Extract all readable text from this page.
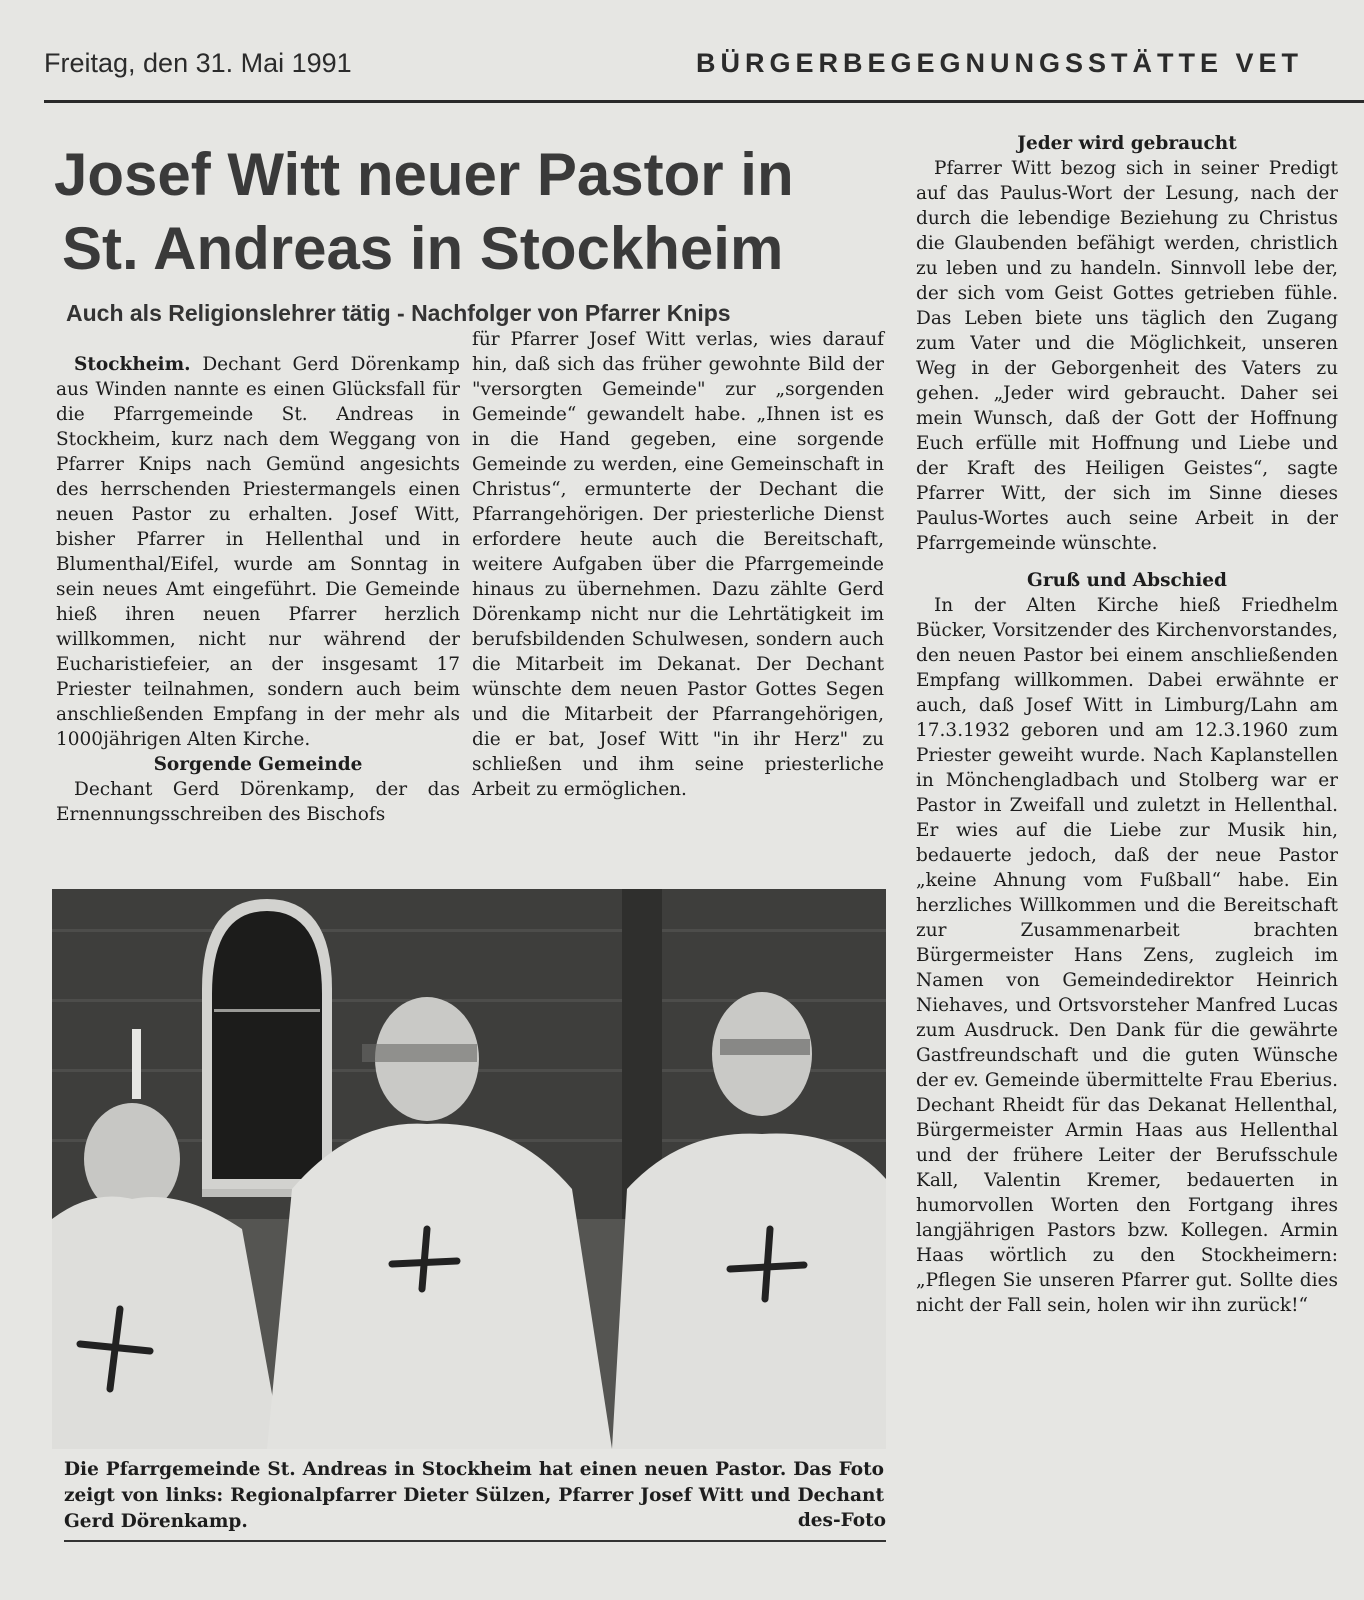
Freitag, den 31. Mai 1991	BÜRGERBEGEGNUNGSSTÄTTE VET
Josef Witt neuer Pastor in
St. Andreas in Stockheim
Auch als Religionslehrer tätig - Nachfolger von Pfarrer Knips

Stockheim. Dechant Gerd Dörenkamp aus Winden nannte es einen Glücksfall für die Pfarrgemeinde St. Andreas in Stockheim, kurz nach dem Weggang von Pfarrer Knips nach Gemünd angesichts des herrschenden Priestermangels einen neuen Pastor zu erhalten. Josef Witt, bisher Pfarrer in Hellenthal und in Blumenthal/Eifel, wurde am Sonntag in sein neues Amt eingeführt. Die Gemeinde hieß ihren neuen Pfarrer herzlich willkommen, nicht nur während der Eucharistiefeier, an der insgesamt 17 Priester teilnahmen, sondern auch beim anschließenden Empfang in der mehr als 1000jährigen Alten Kirche.

Sorgende Gemeinde

Dechant Gerd Dörenkamp, der das Ernennungsschreiben des Bischofs

für Pfarrer Josef Witt verlas, wies darauf hin, daß sich das früher gewohnte Bild der "versorgten Gemeinde" zur „sorgenden Gemeinde“ gewandelt habe. „Ihnen ist es in die Hand gegeben, eine sorgende Gemeinde zu werden, eine Gemeinschaft in Christus“, ermunterte der Dechant die Pfarrangehörigen. Der priesterliche Dienst erfordere heute auch die Bereitschaft, weitere Aufgaben über die Pfarrgemeinde hinaus zu übernehmen. Dazu zählte Gerd Dörenkamp nicht nur die Lehrtätigkeit im berufsbildenden Schulwesen, sondern auch die Mitarbeit im Dekanat. Der Dechant wünschte dem neuen Pastor Gottes Segen und die Mitarbeit der Pfarrangehörigen, die er bat, Josef Witt "in ihr Herz" zu schließen und ihm seine priesterliche Arbeit zu ermöglichen.

Jeder wird gebraucht

Pfarrer Witt bezog sich in seiner Predigt auf das Paulus-Wort der Lesung, nach der durch die lebendige Beziehung zu Christus die Glaubenden befähigt werden, christlich zu leben und zu handeln. Sinnvoll lebe der, der sich vom Geist Gottes getrieben fühle. Das Leben biete uns täglich den Zugang zum Vater und die Möglichkeit, unseren Weg in der Geborgenheit des Vaters zu gehen. „Jeder wird gebraucht. Daher sei mein Wunsch, daß der Gott der Hoffnung Euch erfülle mit Hoffnung und Liebe und der Kraft des Heiligen Geistes“, sagte Pfarrer Witt, der sich im Sinne dieses Paulus-Wortes auch seine Arbeit in der Pfarrgemeinde wünschte.

Gruß und Abschied

In der Alten Kirche hieß Friedhelm Bücker, Vorsitzender des Kirchenvorstandes, den neuen Pastor bei einem anschließenden Empfang willkommen. Dabei erwähnte er auch, daß Josef Witt in Limburg/Lahn am 17.3.1932 geboren und am 12.3.1960 zum Priester geweiht wurde. Nach Kaplanstellen in Mönchengladbach und Stolberg war er Pastor in Zweifall und zuletzt in Hellenthal. Er wies auf die Liebe zur Musik hin, bedauerte jedoch, daß der neue Pastor „keine Ahnung vom Fußball“ habe. Ein herzliches Willkommen und die Bereitschaft zur Zusammenarbeit brachten Bürgermeister Hans Zens, zugleich im Namen von Gemeindedirektor Heinrich Niehaves, und Ortsvorsteher Manfred Lucas zum Ausdruck. Den Dank für die gewährte Gastfreundschaft und die guten Wünsche der ev. Gemeinde übermittelte Frau Eberius. Dechant Rheidt für das Dekanat Hellenthal, Bürgermeister Armin Haas aus Hellenthal und der frühere Leiter der Berufsschule Kall, Valentin Kremer, bedauerten in humorvollen Worten den Fortgang ihres langjährigen Pastors bzw. Kollegen. Armin Haas wörtlich zu den Stockheimern: „Pflegen Sie unseren Pfarrer gut. Sollte dies nicht der Fall sein, holen wir ihn zurück!“

Die Pfarrgemeinde St. Andreas in Stockheim hat einen neuen Pastor. Das Foto zeigt von links: Regionalpfarrer Dieter Sülzen, Pfarrer Josef Witt und Dechant Gerd Dörenkamp.	des-Foto
